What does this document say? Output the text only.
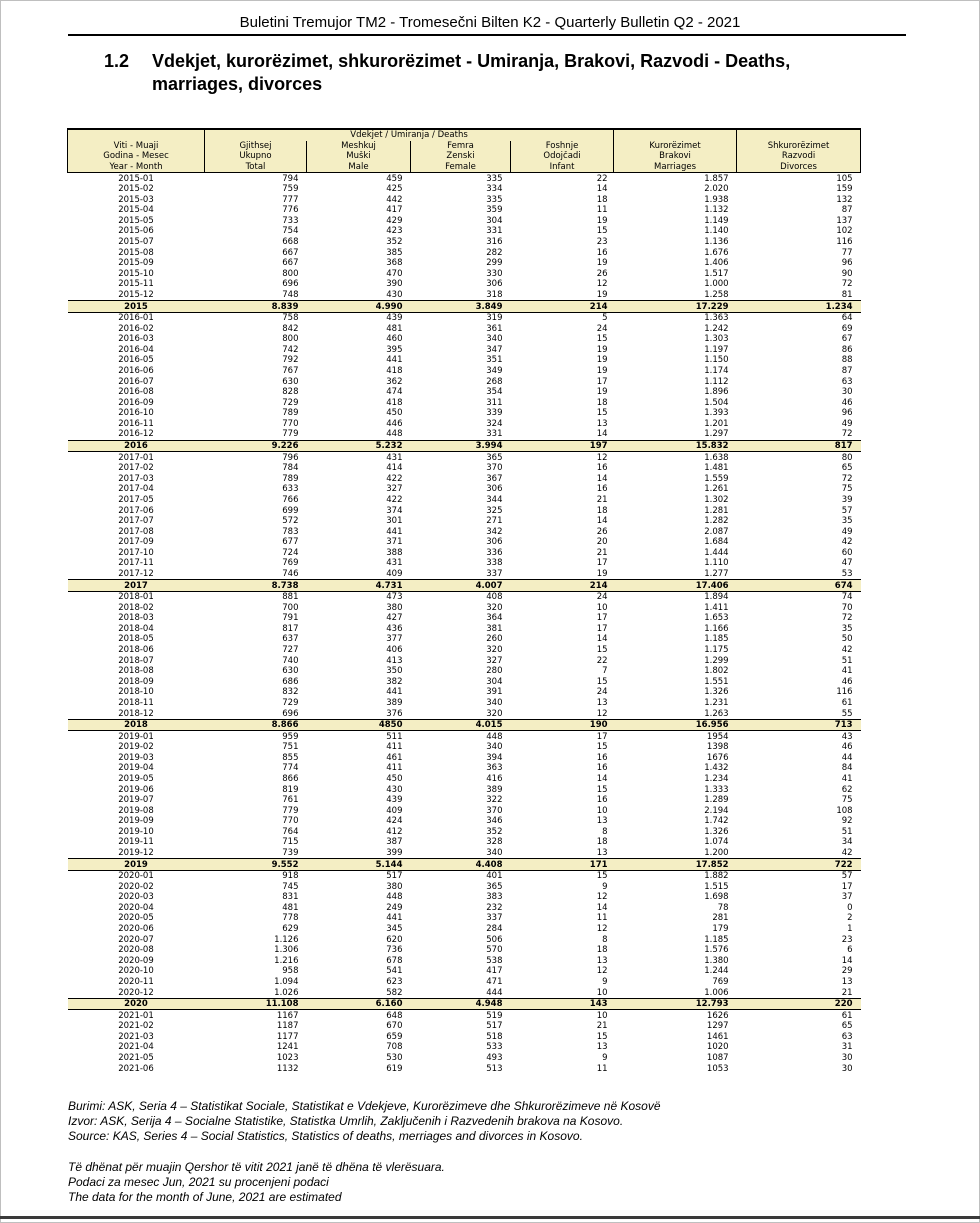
Buletini Tremujor TM2 - Tromesečni Bilten K2 - Quarterly Bulletin Q2 - 2021
1.2 Vdekjet, kurorëzimet, shkurorëzimet - Umiranja, Brakovi, Razvodi - Deaths,
marriages, divorces
	Vdekjet / Umiranja / Deaths					
Viti - Muaji	Gjithsej	Meshkuj	Femra	Foshnje	Kurorëzimet	Shkurorëzimet
Godina - Mesec	Ukupno	Muški	Ženski	Odojčadi	Brakovi	Razvodi
Year - Month	Total	Male	Female	Infant	Marriages	Divorces
2015-01	794	459	335	22	1.857	105
2015-02	759	425	334	14	2.020	159
2015-03	777	442	335	18	1.938	132
2015-04	776	417	359	11	1.132	87
2015-05	733	429	304	19	1.149	137
2015-06	754	423	331	15	1.140	102
2015-07	668	352	316	23	1.136	116
2015-08	667	385	282	16	1.676	77
2015-09	667	368	299	19	1.406	96
2015-10	800	470	330	26	1.517	90
2015-11	696	390	306	12	1.000	72
2015-12	748	430	318	19	1.258	81
2015	8.839	4.990	3.849	214	17.229	1.234
2016-01	758	439	319	5	1.363	64
2016-02	842	481	361	24	1.242	69
2016-03	800	460	340	15	1.303	67
2016-04	742	395	347	19	1.197	86
2016-05	792	441	351	19	1.150	88
2016-06	767	418	349	19	1.174	87
2016-07	630	362	268	17	1.112	63
2016-08	828	474	354	19	1.896	30
2016-09	729	418	311	18	1.504	46
2016-10	789	450	339	15	1.393	96
2016-11	770	446	324	13	1.201	49
2016-12	779	448	331	14	1.297	72
2016	9.226	5.232	3.994	197	15.832	817
2017-01	796	431	365	12	1.638	80
2017-02	784	414	370	16	1.481	65
2017-03	789	422	367	14	1.559	72
2017-04	633	327	306	16	1.261	75
2017-05	766	422	344	21	1.302	39
2017-06	699	374	325	18	1.281	57
2017-07	572	301	271	14	1.282	35
2017-08	783	441	342	26	2.087	49
2017-09	677	371	306	20	1.684	42
2017-10	724	388	336	21	1.444	60
2017-11	769	431	338	17	1.110	47
2017-12	746	409	337	19	1.277	53
2017	8.738	4.731	4.007	214	17.406	674
2018-01	881	473	408	24	1.894	74
2018-02	700	380	320	10	1.411	70
2018-03	791	427	364	17	1.653	72
2018-04	817	436	381	17	1.166	35
2018-05	637	377	260	14	1.185	50
2018-06	727	406	320	15	1.175	42
2018-07	740	413	327	22	1.299	51
2018-08	630	350	280	7	1.802	41
2018-09	686	382	304	15	1.551	46
2018-10	832	441	391	24	1.326	116
2018-11	729	389	340	13	1.231	61
2018-12	696	376	320	12	1.263	55
2018	8.866	4850	4.015	190	16.956	713
2019-01	959	511	448	17	1954	43
2019-02	751	411	340	15	1398	46
2019-03	855	461	394	16	1676	44
2019-04	774	411	363	16	1.432	84
2019-05	866	450	416	14	1.234	41
2019-06	819	430	389	15	1.333	62
2019-07	761	439	322	16	1.289	75
2019-08	779	409	370	10	2.194	108
2019-09	770	424	346	13	1.742	92
2019-10	764	412	352	8	1.326	51
2019-11	715	387	328	18	1.074	34
2019-12	739	399	340	13	1.200	42
2019	9.552	5.144	4.408	171	17.852	722
2020-01	918	517	401	15	1.882	57
2020-02	745	380	365	9	1.515	17
2020-03	831	448	383	12	1.698	37
2020-04	481	249	232	14	78	0
2020-05	778	441	337	11	281	2
2020-06	629	345	284	12	179	1
2020-07	1.126	620	506	8	1.185	23
2020-08	1.306	736	570	18	1.576	6
2020-09	1.216	678	538	13	1.380	14
2020-10	958	541	417	12	1.244	29
2020-11	1.094	623	471	9	769	13
2020-12	1.026	582	444	10	1.006	21
2020	11.108	6.160	4.948	143	12.793	220
2021-01	1167	648	519	10	1626	61
2021-02	1187	670	517	21	1297	65
2021-03	1177	659	518	15	1461	63
2021-04	1241	708	533	13	1020	31
2021-05	1023	530	493	9	1087	30
2021-06	1132	619	513	11	1053	30
Burimi: ASK, Seria 4 – Statistikat Sociale, Statistikat e Vdekjeve, Kurorëzimeve dhe Shkurorëzimeve në Kosovë
Izvor: ASK, Serija 4 – Socialne Statistike, Statistka Umrlih, Zaključenih i Razvedenih brakova na Kosovo.
Source: KAS, Series 4 – Social Statistics, Statistics of deaths, merriages and divorces in Kosovo.
Të dhënat për muajin Qershor të vitit 2021 janë të dhëna të vlerësuara.
Podaci za mesec Jun, 2021 su procenjeni podaci
The data for the month of June, 2021 are estimated
